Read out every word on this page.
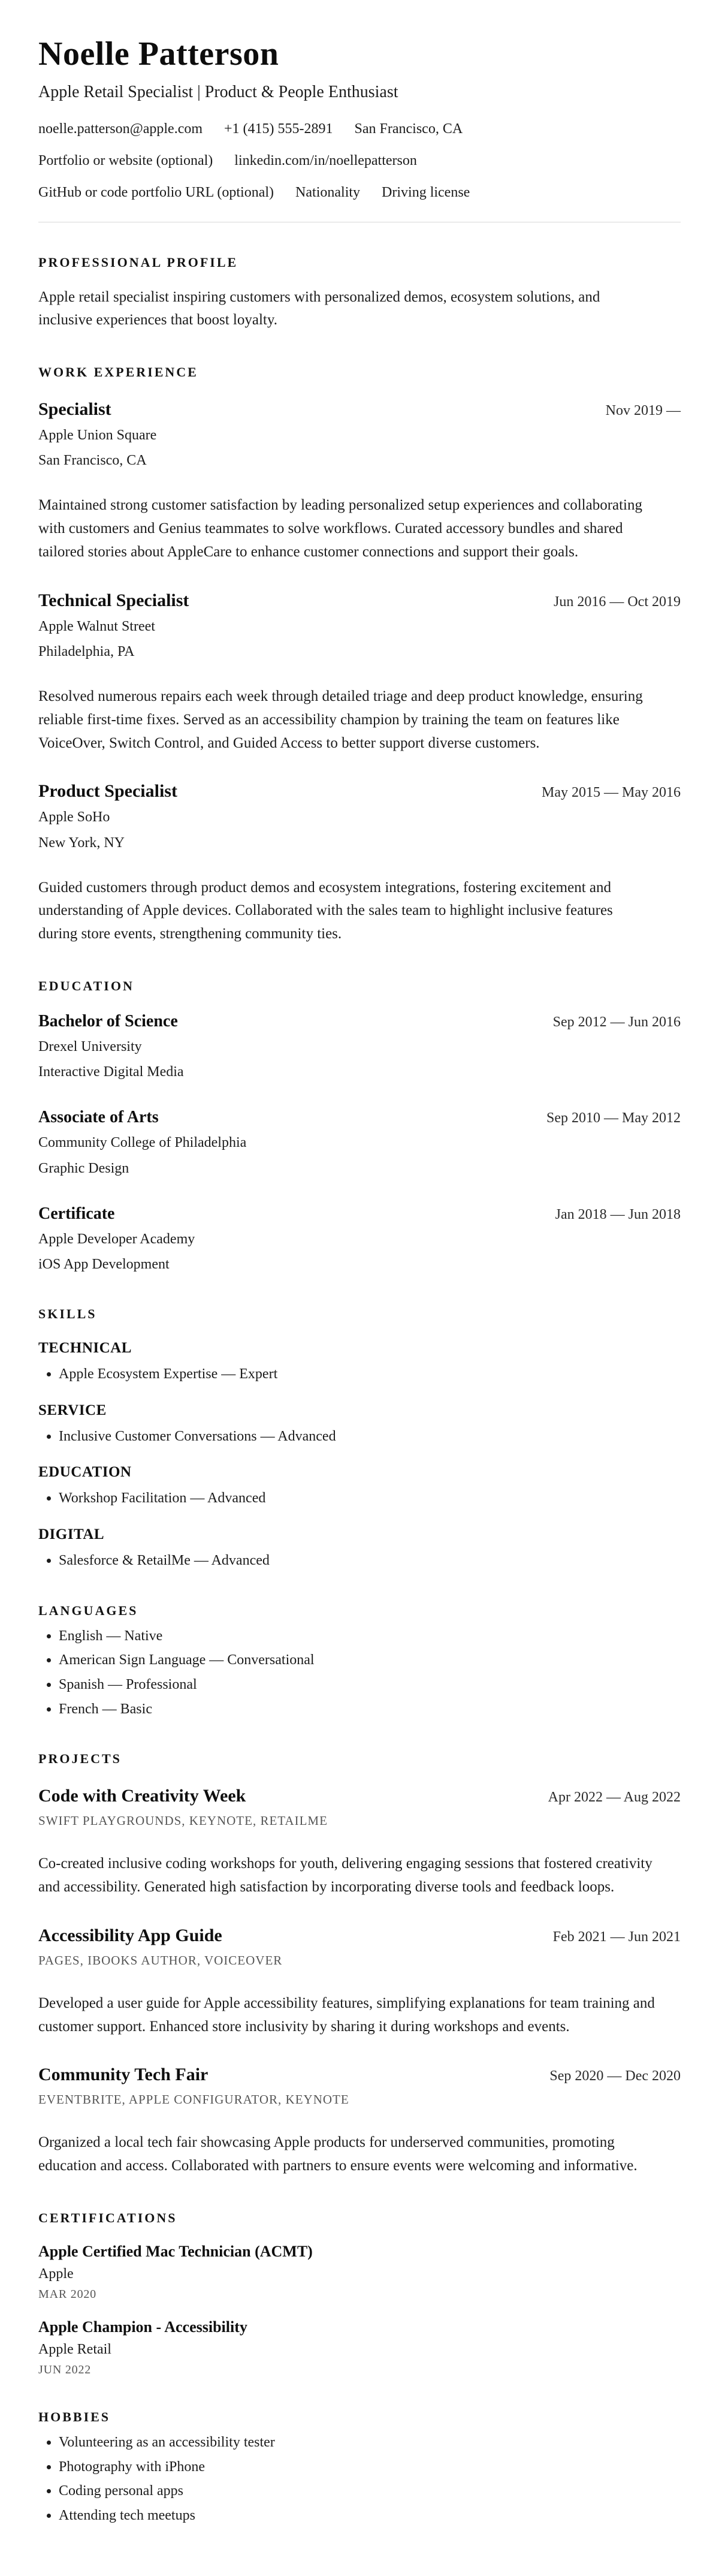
Noelle Patterson

Apple Retail Specialist | Product & People Enthusiast

noelle.patterson@apple.com +1 (415) 555-2891 San Francisco, CA
Portfolio or website (optional) linkedin.com/in/noellepatterson
GitHub or code portfolio URL (optional) Nationality Driving license
PROFESSIONAL PROFILE

Apple retail specialist inspiring customers with personalized demos, ecosystem solutions, and inclusive experiences that boost loyalty.

WORK EXPERIENCE
Specialist	Nov 2019 —

Apple Union Square

San Francisco, CA

Maintained strong customer satisfaction by leading personalized setup experiences and collaborating with customers and Genius teammates to solve workflows. Curated accessory bundles and shared tailored stories about AppleCare to enhance customer connections and support their goals.

Technical Specialist	Jun 2016 — Oct 2019

Apple Walnut Street

Philadelphia, PA

Resolved numerous repairs each week through detailed triage and deep product knowledge, ensuring reliable first-time fixes. Served as an accessibility champion by training the team on features like VoiceOver, Switch Control, and Guided Access to better support diverse customers.

Product Specialist	May 2015 — May 2016

Apple SoHo

New York, NY

Guided customers through product demos and ecosystem integrations, fostering excitement and understanding of Apple devices. Collaborated with the sales team to highlight inclusive features during store events, strengthening community ties.

EDUCATION
Bachelor of Science	Sep 2012 — Jun 2016

Drexel University

Interactive Digital Media

Associate of Arts	Sep 2010 — May 2012

Community College of Philadelphia

Graphic Design

Certificate	Jan 2018 — Jun 2018

Apple Developer Academy

iOS App Development

SKILLS
TECHNICAL
• Apple Ecosystem Expertise — Expert
SERVICE
• Inclusive Customer Conversations — Advanced
EDUCATION
• Workshop Facilitation — Advanced
DIGITAL
• Salesforce & RetailMe — Advanced
LANGUAGES
• English — Native
• American Sign Language — Conversational
• Spanish — Professional
• French — Basic
PROJECTS
Code with Creativity Week	Apr 2022 — Aug 2022

SWIFT PLAYGROUNDS, KEYNOTE, RETAILME

Co-created inclusive coding workshops for youth, delivering engaging sessions that fostered creativity and accessibility. Generated high satisfaction by incorporating diverse tools and feedback loops.

Accessibility App Guide	Feb 2021 — Jun 2021

PAGES, IBOOKS AUTHOR, VOICEOVER

Developed a user guide for Apple accessibility features, simplifying explanations for team training and customer support. Enhanced store inclusivity by sharing it during workshops and events.

Community Tech Fair	Sep 2020 — Dec 2020

EVENTBRITE, APPLE CONFIGURATOR, KEYNOTE

Organized a local tech fair showcasing Apple products for underserved communities, promoting education and access. Collaborated with partners to ensure events were welcoming and informative.

CERTIFICATIONS
Apple Certified Mac Technician (ACMT)

Apple

MAR 2020

Apple Champion - Accessibility

Apple Retail

JUN 2022

HOBBIES
• Volunteering as an accessibility tester
• Photography with iPhone
• Coding personal apps
• Attending tech meetups
